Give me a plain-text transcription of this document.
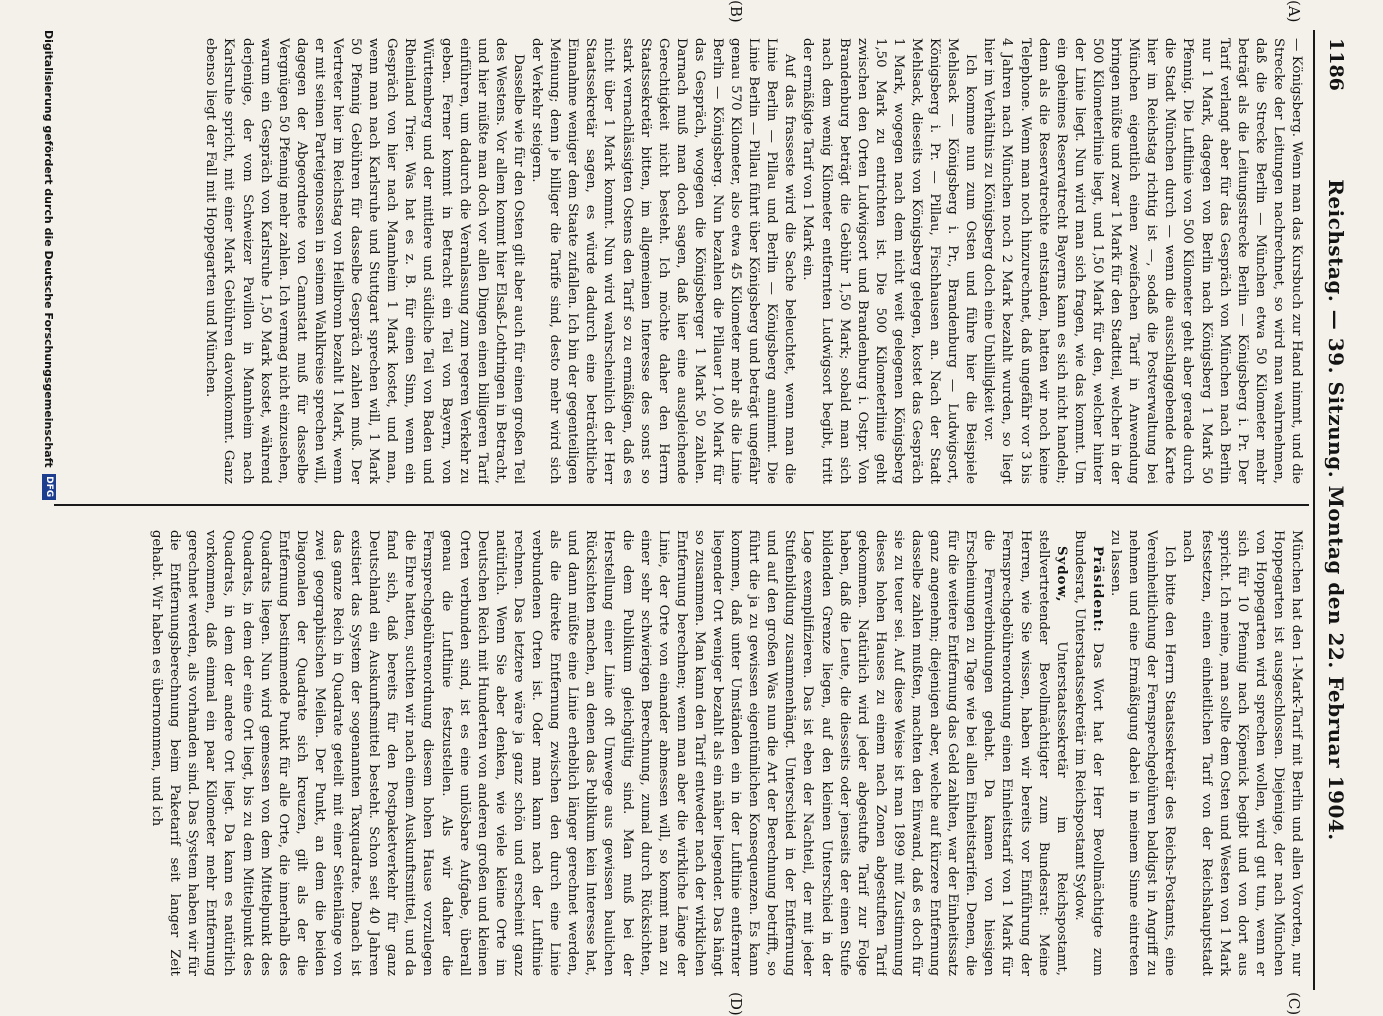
1186
Reichstag. — 39. Sitzung. Montag den 22. Februar 1904.
(A)
(B)
(C)
(D)

— Königsberg. Wenn man das Kursbuch zur Hand nimmt, und die Strecke der Leitungen nachrechnet, so wird man wahrnehmen, daß die Strecke Berlin — München etwa 50 Kilometer mehr beträgt als die Leitungsstrecke Berlin — Königsberg i. Pr. Der Tarif verlangt aber für das Gespräch von München nach Berlin nur 1 Mark, dagegen von Berlin nach Königsberg 1 Mark 50 Pfennig. Die Luftlinie von 500 Kilometer geht aber gerade durch die Stadt München durch — wenn die ausschlaggebende Karte hier im Reichstag richtig ist —, sodaß die Postverwaltung bei München eigentlich einen zweifachen Tarif in Anwendung bringen müßte und zwar 1 Mark für den Stadtteil, welcher in der 500 Kilometerlinie liegt, und 1,50 Mark für den, welcher hinter der Linie liegt. Nun wird man sich fragen, wie das kommt. Um ein geheimes Reservatrecht Bayerns kann es sich nicht handeln; denn als die Reservatrechte entstanden, hatten wir noch keine Telephone. Wenn man noch hinzurechnet, daß ungefähr vor 3 bis 4 Jahren nach München noch 2 Mark bezahlt wurden, so liegt hier im Verhältnis zu Königsberg doch eine Unbilligkeit vor.

Ich komme nun zum Osten und führe hier die Beispiele Mehlsack — Königsberg i. Pr., Brandenburg — Ludwigsort, Königsberg i. Pr. — Pillau, Fischhausen an. Nach der Stadt Mehlsack, dieseits von Königsberg gelegen, kostet das Gespräch 1 Mark, wogegen nach dem nicht weit gelegenen Königsberg 1,50 Mark zu entrichten ist. Die 500 Kilometerlinie geht zwischen den Orten Ludwigsort und Brandenburg i. Ostpr. Von Brandenburg beträgt die Gebühr 1,50 Mark; sobald man sich nach dem wenig Kilometer entfernten Ludwigsort begibt, tritt der ermäßigte Tarif von 1 Mark ein.

Auf das frasseste wird die Sache beleuchtet, wenn man die Linie Berlin — Pillau und Berlin — Königsberg annimmt. Die Linie Berlin — Pillau führt über Königsberg und beträgt ungefähr genau 570 Kilometer, also etwa 45 Kilometer mehr als die Linie Berlin — Königsberg. Nun bezahlen die Pillauer 1,00 Mark für das Gespräch, wogegen die Königsberger 1 Mark 50 zahlen. Darnach muß man doch sagen, daß hier eine ausgleichende Gerechtigkeit nicht besteht. Ich möchte daher den Herrn Staatssekretär bitten, im allgemeinen Interesse des sonst so stark vernachlässigten Ostens den Tarif so zu ermäßigen, daß es nicht über 1 Mark kommt. Nun wird wahrscheinlich der Herr Staatssekretär sagen, es würde dadurch eine beträchtliche Einnahme weniger dem Staate zufallen. Ich bin der gegenteiligen Meinung; denn je billiger die Tarife sind, desto mehr wird sich der Verkehr steigern.

Dasselbe wie für den Osten gilt aber auch für einen großen Teil des Westens. Vor allem kommt hier Elsaß-Lothringen in Betracht, und hier müßte man doch vor allen Dingen einen billigeren Tarif einführen, um dadurch die Veranlassung zum regeren Verkehr zu geben. Ferner kommt in Betracht ein Teil von Bayern, von Württemberg und der mittlere und südliche Teil von Baden und Rheinland Trier. Was hat es z. B. für einen Sinn, wenn ein Gespräch von hier nach Mannheim 1 Mark kostet, und man, wenn man nach Karlsruhe und Stuttgart sprechen will, 1 Mark 50 Pfennig Gebühren für dasselbe Gespräch zahlen muß. Der Vertreter hier im Reichstag von Heilbronn bezahlt 1 Mark, wenn er mit seinen Parteigenossen in seinem Wahlkreise sprechen will, dagegen der Abgeordnete von Cannstatt muß für dasselbe Vergnügen 50 Pfennig mehr zahlen. Ich vermag nicht einzusehen, warum ein Gespräch von Karlsruhe 1,50 Mark kostet, während derjenige, der vom Schweizer Pavillon in Mannheim nach Karlsruhe spricht, mit einer Mark Gebühren davonkommt. Ganz ebenso liegt der Fall mit Hoppegarten und München.

München hat den 1-Mark-Tarif mit Berlin und allen Vororten, nur Hoppegarten ist ausgeschlossen. Diejenige, der nach München von Hoppegarten wird sprechen wollen, wird gut tun, wenn er sich für 10 Pfennig nach Köpenick begibt und von dort aus spricht. Ich meine, man sollte dem Osten und Westen von 1 Mark festsetzen, einen einheitlichen Tarif von der Reichshauptstadt nach

Ich bitte den Herrn Staatssekretär des Reichs-Postamts, eine Vereinheitlichung der Fernsprechgebühren baldigst in Angriff zu nehmen und eine Ermäßigung dabei in meinem Sinne eintreten zu lassen.

Präsident: Das Wort hat der Herr Bevollmächtigte zum Bundesrat, Unterstaatssekretär im Reichspostamt Sydow.

Sydow, Unterstaatssekretär im Reichspostamt, stellvertretender Bevollmächtigter zum Bundesrat: Meine Herren, wie Sie wissen, haben wir bereits vor Einführung der Fernsprechgebührenordnung einen Einheitstarif von 1 Mark für die Fernverbindungen gehabt. Da kamen von hiesigen Erscheinungen zu Tage wie bei allen Einheitstarifen. Denen, die für die weitere Entfernung das Geld zahlten, war der Einheitssatz ganz angenehm; diejenigen aber, welche auf kürzere Entfernung dasselbe zahlen mußten, machten den Einwand, daß es doch für sie zu teuer sei. Auf diese Weise ist man 1899 mit Zustimmung dieses hohen Hauses zu einem nach Zonen abgestuften Tarif gekommen. Natürlich wird jeder abgestufte Tarif zur Folge haben, daß die Leute, die diesseits oder jenseits der einen Stufe bildenden Grenze liegen, auf den kleinen Unterschied in der Lage exemplifizieren. Das ist eben der Nachteil, der mit jeder Stufenbildung zusammenhängt. Unterschied in der Entfernung und auf den großen Was nun die Art der Berechnung betrifft, so führt die ja zu gewissen eigentümlichen Konsequenzen. Es kann kommen, daß unter Umständen ein in der Luftlinie entfernter liegender Ort weniger bezahlt als ein näher liegender. Das hängt so zusammen. Man kann den Tarif entweder nach der wirklichen Entfernung berechnen; wenn man aber die wirkliche Länge der Linie, der Orte von einander abmessen will, so kommt man zu einer sehr schwierigen Berechnung, zumal durch Rücksichten, die dem Publikum gleichgültig sind. Man muß bei der Herstellung einer Linie oft Umwege aus gewissen baulichen Rücksichten machen, an denen das Publikum kein Interesse hat, und dann müßte eine Linie erheblich länger gerechnet werden, als die direkte Entfernung zwischen den durch eine Linie verbundenen Orten ist. Oder man kann nach der Luftlinie rechnen. Das letztere wäre ja ganz schön und erscheint ganz natürlich. Wenn Sie aber denken, wie viele kleine Orte im Deutschen Reich mit Hunderten von anderen großen und kleinen Orten verbunden sind, ist es eine unlösbare Aufgabe, überall genau die Luftlinie festzustellen. Als wir daher die Fernsprechgebührenordnung diesem hohen Hause vorzulegen die Ehre hatten, suchten wir nach einem Auskunftsmittel, und da fand sich, daß bereits für den Postpaketverkehr für ganz Deutschland ein Auskunftsmittel besteht. Schon seit 40 Jahren existiert das System der sogenannten Taxquadrate. Danach ist das ganze Reich in Quadrate geteilt mit einer Seitenlänge von zwei geographischen Meilen. Der Punkt, an dem die beiden Diagonalen der Quadrate sich kreuzen, gilt als der die Entfernung bestimmende Punkt für alle Orte, die innerhalb des Quadrats liegen. Nun wird gemessen von dem Mittelpunkt des Quadrats, in dem der eine Ort liegt, bis zu dem Mittelpunkt des Quadrats, in dem der andere Ort liegt. Da kann es natürlich vorkommen, daß einmal ein paar Kilometer mehr Entfernung gerechnet werden, als vorhanden sind. Das System haben wir für die Entfernungsberechnung beim Paketarif seit langer Zeit gehabt. Wir haben es übernommen, und ich

Digitalisierung gefördert durch die Deutsche Forschungsgemeinschaft
DFG
